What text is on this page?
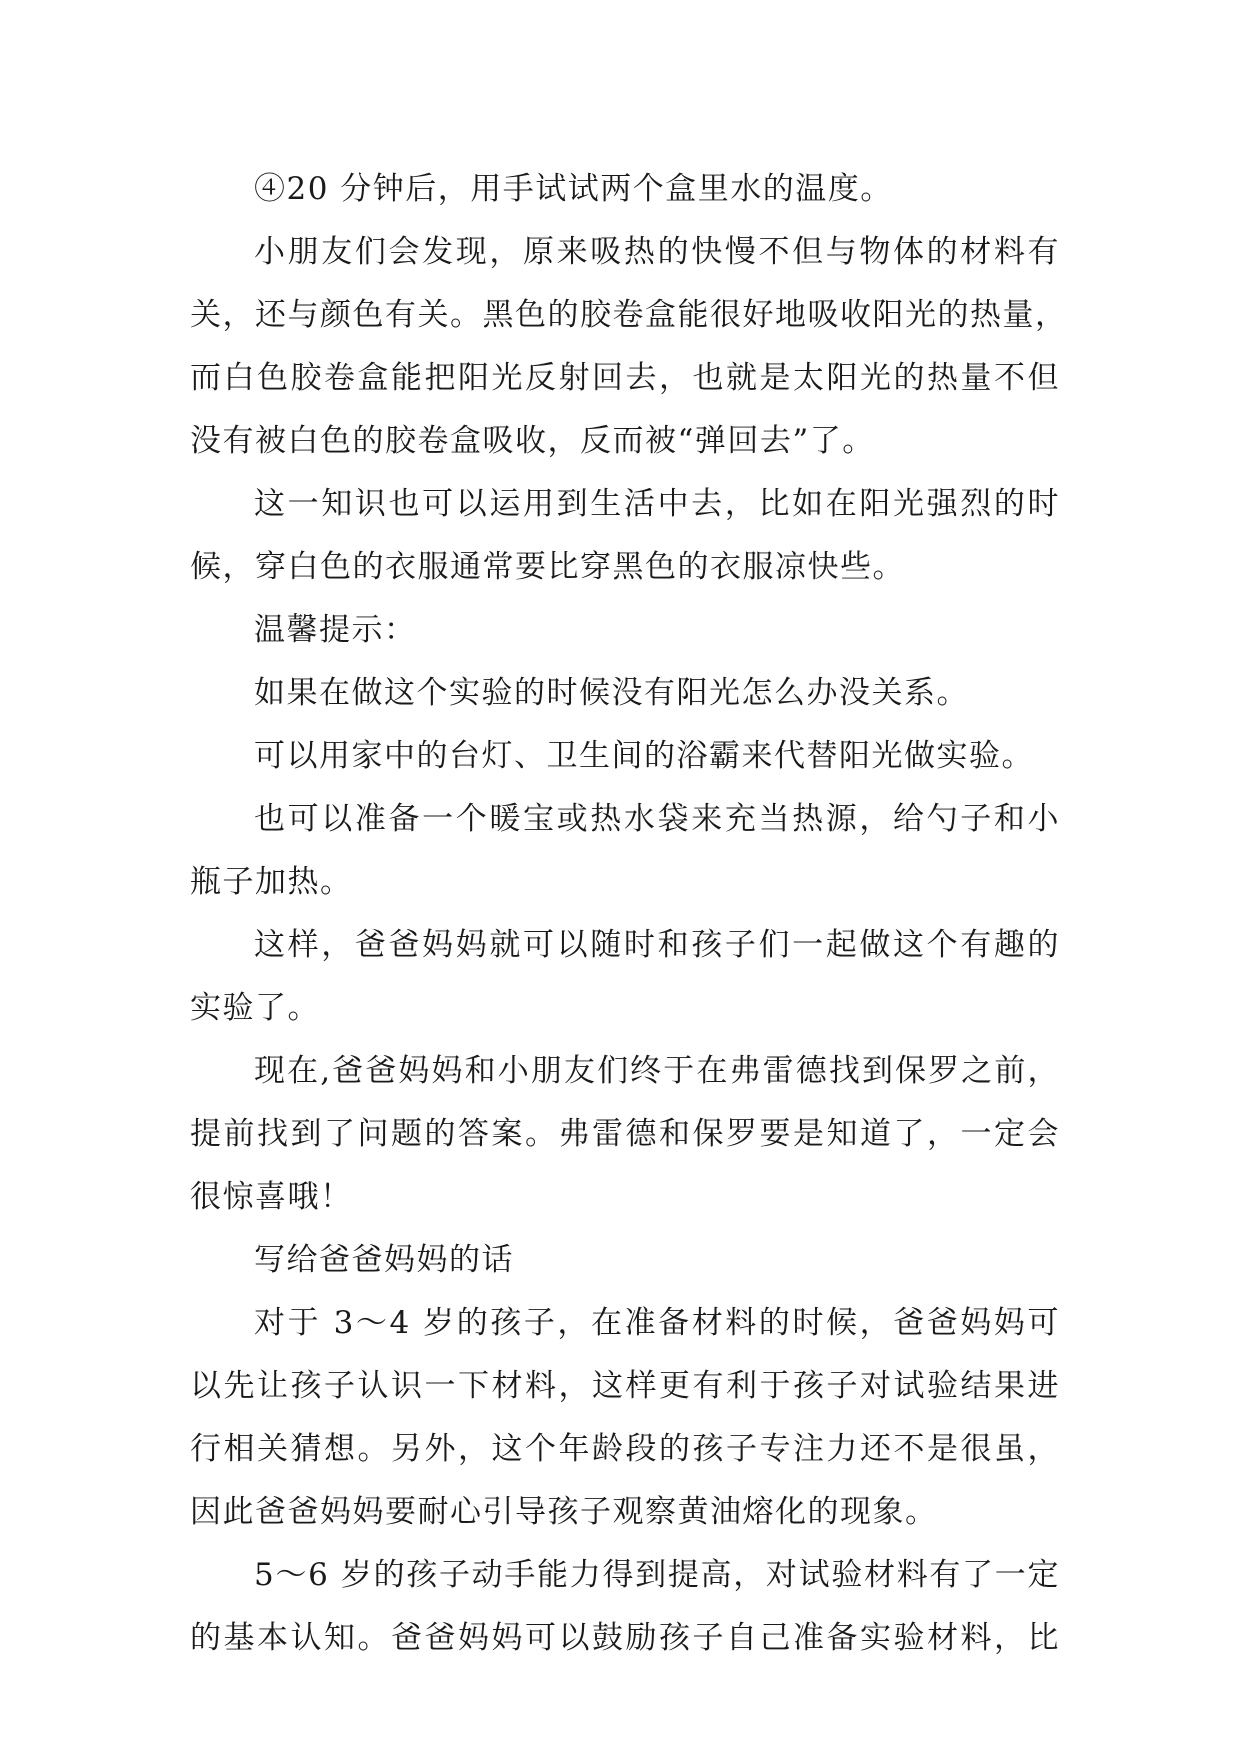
④20 分钟后，用手试试两个盒里水的温度。
小朋友们会发现，原来吸热的快慢不但与物体的材料有
关，还与颜色有关。黑色的胶卷盒能很好地吸收阳光的热量，
而白色胶卷盒能把阳光反射回去，也就是太阳光的热量不但
没有被白色的胶卷盒吸收，反而被“弹回去”了。
这一知识也可以运用到生活中去，比如在阳光强烈的时
候，穿白色的衣服通常要比穿黑色的衣服凉快些。
温馨提示：
如果在做这个实验的时候没有阳光怎么办没关系。
可以用家中的台灯、卫生间的浴霸来代替阳光做实验。
也可以准备一个暖宝或热水袋来充当热源，给勺子和小
瓶子加热。
这样，爸爸妈妈就可以随时和孩子们一起做这个有趣的
实验了。
现在,爸爸妈妈和小朋友们终于在弗雷德找到保罗之前，
提前找到了问题的答案。弗雷德和保罗要是知道了，一定会
很惊喜哦！
写给爸爸妈妈的话
对于 3～4 岁的孩子，在准备材料的时候，爸爸妈妈可
以先让孩子认识一下材料，这样更有利于孩子对试验结果进
行相关猜想。另外，这个年龄段的孩子专注力还不是很虽，
因此爸爸妈妈要耐心引导孩子观察黄油熔化的现象。
5～6 岁的孩子动手能力得到提高，对试验材料有了一定
的基本认知。爸爸妈妈可以鼓励孩子自己准备实验材料，比
